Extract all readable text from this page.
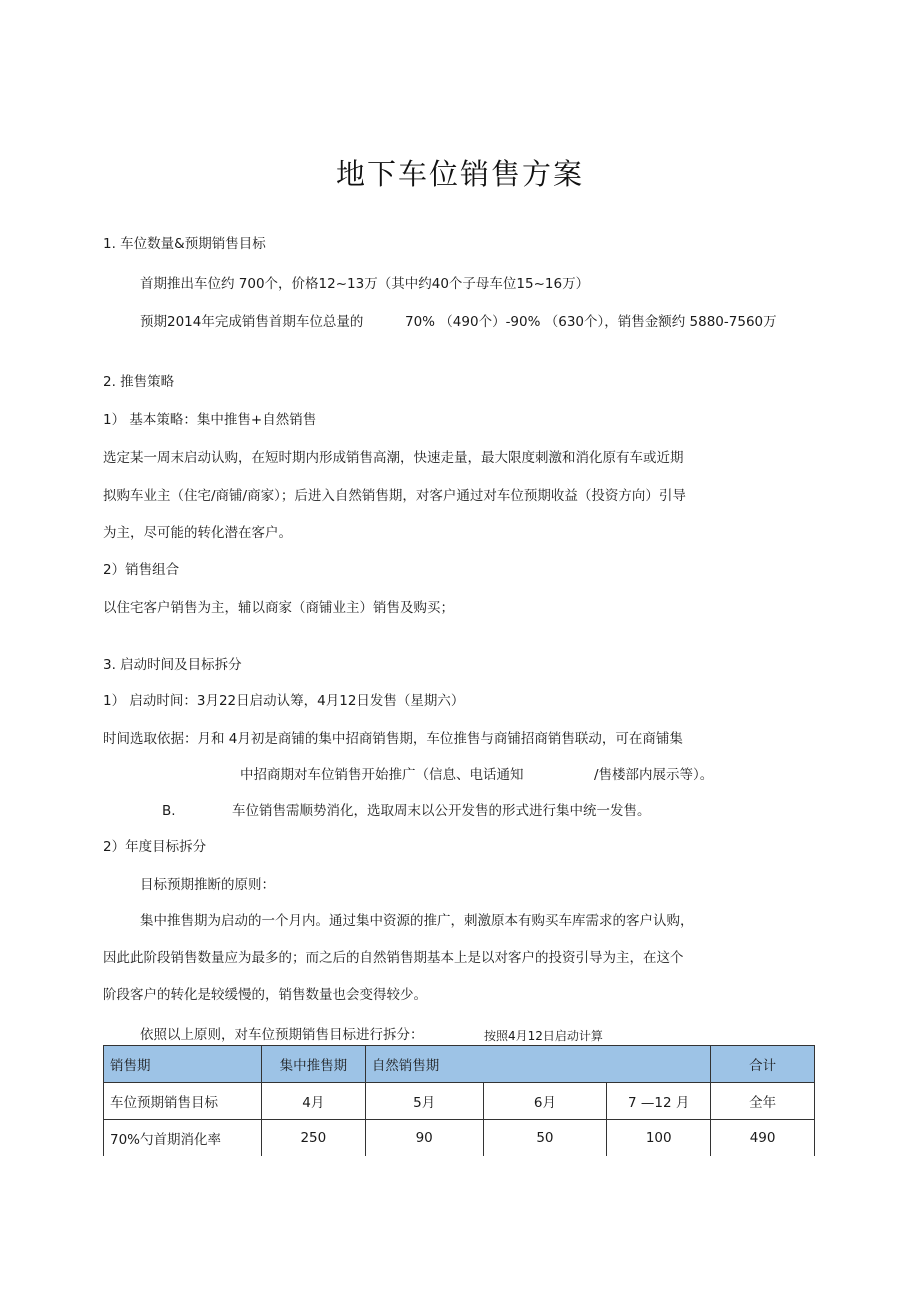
地下车位销售方案
1. 车位数量&预期销售目标
首期推出车位约 700个，价格12~13万（其中约40个子母车位15~16万）
预期2014年完成销售首期车位总量的	70% （490个）-90% （630个），销售金额约 5880-7560万
2. 推售策略
1） 基本策略：集中推售+自然销售
选定某一周末启动认购，在短时期内形成销售高潮，快速走量，最大限度刺激和消化原有车或近期
拟购车业主（住宅/商铺/商家）；后进入自然销售期，对客户通过对车位预期收益（投资方向）引导
为主，尽可能的转化潜在客户。
2）销售组合
以住宅客户销售为主，辅以商家（商铺业主）销售及购买；
3. 启动时间及目标拆分
1） 启动时间：3月22日启动认筹，4月12日发售（星期六）
时间选取依据：月和 4月初是商铺的集中招商销售期，车位推售与商铺招商销售联动，可在商铺集
中招商期对车位销售开始推广（信息、电话通知	/售楼部内展示等）。
B.	车位销售需顺势消化，选取周末以公开发售的形式进行集中统一发售。
2）年度目标拆分
目标预期推断的原则：
集中推售期为启动的一个月内。通过集中资源的推广，刺激原本有购买车库需求的客户认购，
因此此阶段销售数量应为最多的；而之后的自然销售期基本上是以对客户的投资引导为主，在这个
阶段客户的转化是较缓慢的，销售数量也会变得较少。
依照以上原则，对车位预期销售目标进行拆分：	按照4月12日启动计算
销售期	集中推售期	自然销售期			合计
车位预期销售目标	4月	5月	6月	7 —12 月	全年
70%勺首期消化率	250	90	50	100	490
